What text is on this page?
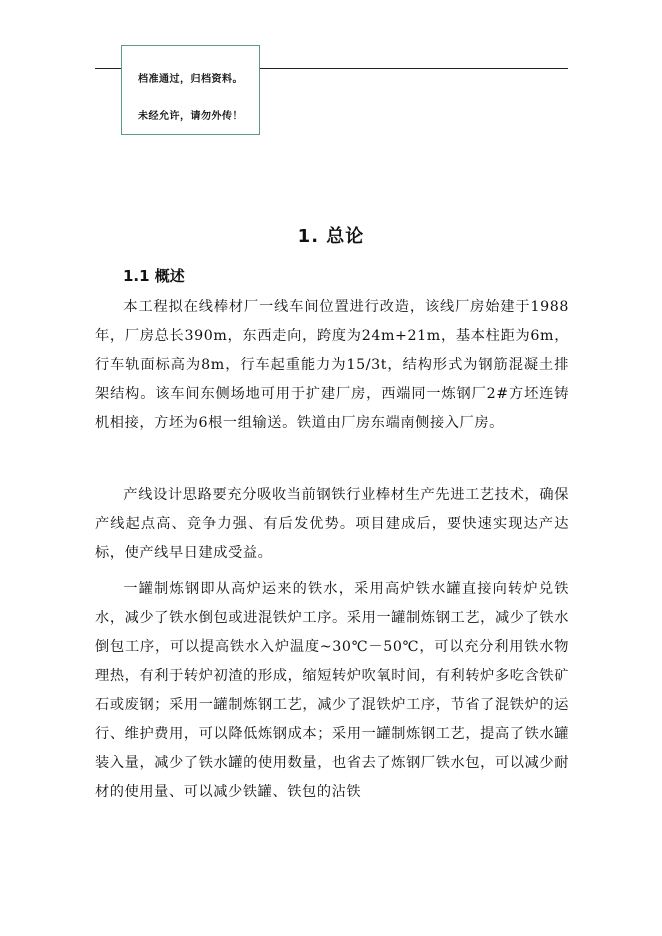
档准通过，归档资料。
未经允许，请勿外传！
1. 总论
1.1 概述

本工程拟在线棒材厂一线车间位置进行改造，该线厂房始建于1988年，厂房总长390m，东西走向，跨度为24m+21m，基本柱距为6m，行车轨面标高为8m，行车起重能力为15/3t，结构形式为钢筋混凝土排架结构。该车间东侧场地可用于扩建厂房，西端同一炼钢厂2#方坯连铸机相接，方坯为6根一组输送。铁道由厂房东端南侧接入厂房。

产线设计思路要充分吸收当前钢铁行业棒材生产先进工艺技术，确保产线起点高、竞争力强、有后发优势。项目建成后，要快速实现达产达标，使产线早日建成受益。

一罐制炼钢即从高炉运来的铁水，采用高炉铁水罐直接向转炉兑铁水，减少了铁水倒包或进混铁炉工序。采用一罐制炼钢工艺，减少了铁水倒包工序，可以提高铁水入炉温度~30℃－50℃，可以充分利用铁水物理热，有利于转炉初渣的形成，缩短转炉吹氧时间，有利转炉多吃含铁矿石或废钢；采用一罐制炼钢工艺，减少了混铁炉工序，节省了混铁炉的运行、维护费用，可以降低炼钢成本；采用一罐制炼钢工艺，提高了铁水罐装入量，减少了铁水罐的使用数量，也省去了炼钢厂铁水包，可以减少耐材的使用量、可以减少铁罐、铁包的沾铁
